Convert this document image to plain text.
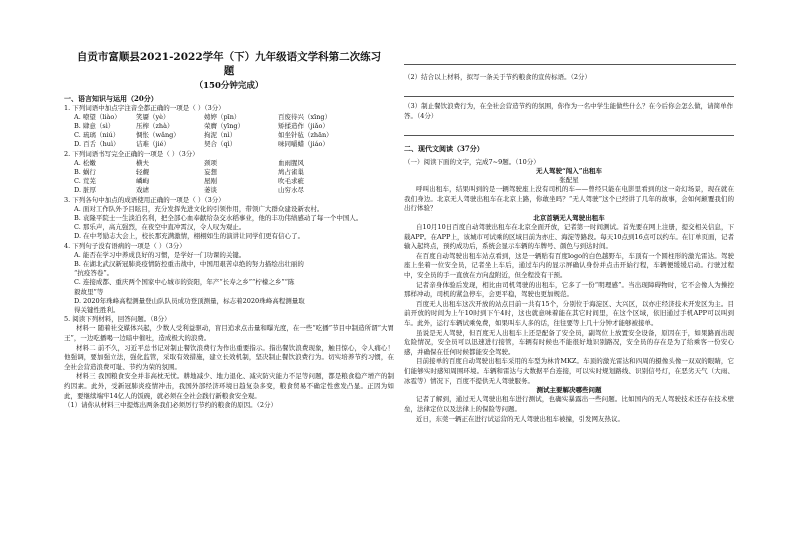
自贡市富顺县2021-2022学年（下）九年级语文学科第二次练习
题
（150分钟完成）
一、语言知识与运用（20分）
1. 下列词语中加点字注音全都正确的一项是（ ）（3分）
A. 嘹望（liào）	笑靥（yè）	娉婷（pīn）	百废待兴（xīng）
B. 肆意（sì）	压榨（zhà）	荣膺（yīng）	矫揉造作（jiǎo）
C. 琉璃（niú）	惆怅（wǎng）	拘泥（nì）	如坐针毡（zhān）
D. 百舌（huì）	诘难（jié）	契合（qì）	味同嚼蜡（jiáo）
2. 下列词语书写完全正确的一项是（ ）（3分）
A. 松嫩	横夫	颈项	血雨腥风
B. 蜗行	轻觑	妄想	鸠占雀巢
C. 荒芜	嶙峋	屋剐	吹毛求疵
D. 脏厚	戏谑	萎谈	山穷水尽
3. 下列各句中加点的成语使用正确的一项是（ ）（3分）
A. 面对工作队外予目眩目，充分发挥先进文化的引领作用，带领广大群众建设新农村。
B. 袁隆平院士一生淡泊名利，把全部心血奉献给杂交水稻事业，他的丰功伟绩感动了每一个中国人。
C. 那乐声，高亢强烈，在夜空中直冲霄汉，令人叹为观止。
D. 在中考励志大会上，校长那充满激情，栩栩如生的演讲让同学们更有信心了。
4. 下列句子没有语病的一项是（ ）（3分）
A. 能否在学习中养成良好的习惯，是学好一门功课的关键。
B. 在湖北武汉新冠肺炎疫情防控重击战中，中国用艰苦卓绝的努力描绘出壮丽的
“抗疫答卷”。
C. 连接成都、重庆两个国家中心城市的资阳，年产“长寿之乡”“柠檬之乡”“陈
毅故里”等
D. 2020年珠峰高程测量登山队队员成功登顶测量，标志着2020珠峰高程测量取
得关键性胜利。
5. 阅读下列材料，回答问题。（8分）

材料一 随着社交媒体兴起，少数人受利益驱动，盲目追求点击量和曝光度，在一些“吃播”节目中制造所谓“大胃王”，一边吃播喝一边暗中催吐，造成极大的浪费。

材料二 前不久，习近平总书记对制止餐饮浪费行为作出重要指示。指出餐饮浪费现象，触目惊心，令人痛心！他强调，要加强立法，强化监管，采取有效措施，建立长效机制，坚决制止餐饮浪费行为。切实培养节约习惯，在全社会营造浪费可耻、节约为荣的氛围。

材料三 我国粮食安全并非高枕无忧。耕地减少、地力退化、减灾防灾能力不足等问题，都是粮食稳产增产的制约因素。此外，受新冠肺炎疫情冲击，我国外部经济环境日趋复杂多变，粮食贸易不确定性愈发凸显。正因为如此，要继续端牢14亿人的饭碗，就必须在全社会践行新粮食安全观。

（1）请你从材料三中提炼出两条我们必须厉行节约的粮食的原因。（2分）

（2）结合以上材料，拟写一条关于节约粮食的宣传标语。（2分）

（3）制止餐饮浪费行为，在全社会营造节约的氛围，你作为一名中学生能做些什么？在今后你会怎么做，请简单作答。（4分）

二、现代文阅读（37分）
（一）阅读下面的文字，完成7~9题。（10分）
无人驾驶“闯入”出租车
张配星

呼叫出租车，结果叫到的是一辆驾驶座上没有司机的车——曾经只能在电影里看到的这一奇幻场景，现在就在我们身边。北京无人驾驶出租车在北京上路，你敢坐吗？“无人驾驶”这个已经讲了几年的故事，会如何颠覆我们的出行体验？

北京首辆无人驾驶出租车

自10月10日百度自动驾驶出租车在北京全面开放，记者第一时间测试。首先要在网上注册，提交相关信息，下载APP。在APP上，该城市可试乘的区域目前为亦庄、海淀等路段。每天10点到16点可以约车。在订单页面，记者输入起终点，预约成功后，系统会显示车辆的车牌号、颜色与到达时间。

在百度自动驾驶出租车站点看到，这是一辆贴有百度logo的白色越野车，车顶有一个圆柱形的激光雷达。驾驶座上坐着一位安全员，记者坐上车后，通过车内的显示屏确认身份并点击开始行程，车辆便缓缓启动。行驶过程中，安全员的手一直放在方向盘附近，但全程没有干预。

记者亲身体验后发现，相比由司机驾驶的出租车，它多了一份“明理感”。当出现障碍物时，它不会像人为操控那样冲动，司机的紧急停车，会更平稳，驾驶也更加规范。

百度无人出租车这次开放的站点目前一共有15个，分别位于海淀区、大兴区，以亦庄经济技术开发区为主。目前开放的时间为上午10时到下午4时，这也就意味着能在其它时间里，在这个区域，依旧通过手机APP可以叫到车。此外，运行车辆试乘免费，如果叫车人多的话，往往要等上几十分钟才能够被接单。

虽说是无人驾驶，但百度无人出租车上还是配备了安全员，副驾位上放置安全设备，原因在于，如果路面出现危险情况，安全员可以迅速进行接管，车辆有时候也不能很好地识别路况，安全员的存在是为了给乘客一份安心感，并确保在任何时候都能安全驾驶。

目前接单的百度自动驾驶出租车采用的车型为林肯MKZ。车顶的激光雷达和四周的摄像头像一双双的眼睛，它们能够实时感知周围环境。车辆和雷达与大数据平台连接，可以实时规划路线、识别信号灯，在恶劣天气（大雨、冰雹等）情况下，百度不提供无人驾驶服务。

测试主要解决哪些问题

记者了解到，通过无人驾驶出租车进行测试，也确实暴露出一些问题。比如国内的无人驾驶技术还存在技术壁垒，法律定位以及法律上的保险等问题。

近日，东莞一辆正在进行试运营的无人驾驶出租车被撞，引发网友热议。
